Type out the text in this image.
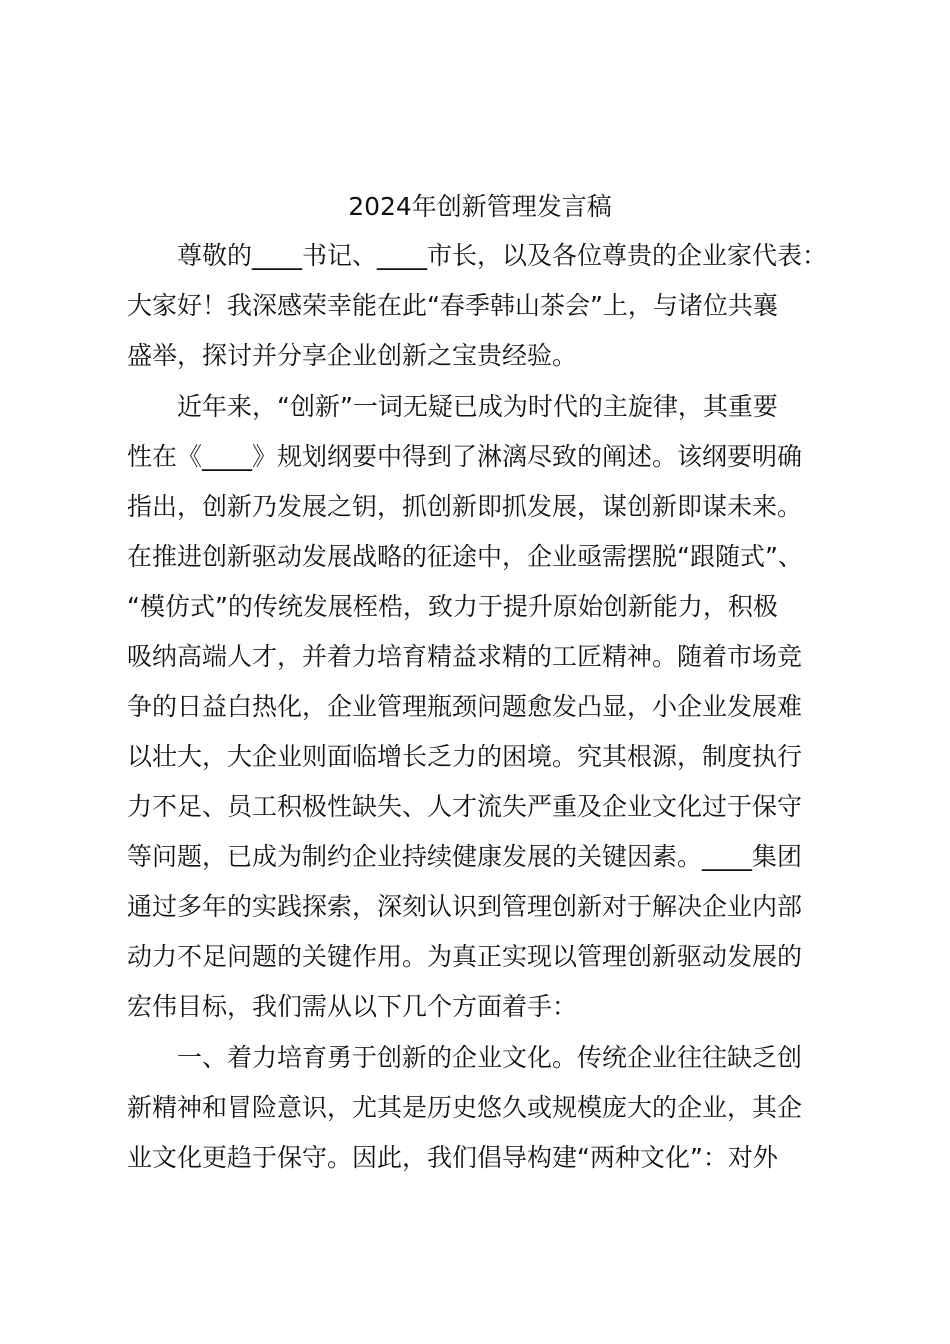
2024年创新管理发言稿
尊敬的____书记、____市长，以及各位尊贵的企业家代表：
大家好！我深感荣幸能在此“春季韩山茶会”上，与诸位共襄
盛举，探讨并分享企业创新之宝贵经验。
近年来，“创新”一词无疑已成为时代的主旋律，其重要
性在《____》规划纲要中得到了淋漓尽致的阐述。该纲要明确
指出，创新乃发展之钥，抓创新即抓发展，谋创新即谋未来。
在推进创新驱动发展战略的征途中，企业亟需摆脱“跟随式”、
“模仿式”的传统发展桎梏，致力于提升原始创新能力，积极
吸纳高端人才，并着力培育精益求精的工匠精神。随着市场竞
争的日益白热化，企业管理瓶颈问题愈发凸显，小企业发展难
以壮大，大企业则面临增长乏力的困境。究其根源，制度执行
力不足、员工积极性缺失、人才流失严重及企业文化过于保守
等问题，已成为制约企业持续健康发展的关键因素。____集团
通过多年的实践探索，深刻认识到管理创新对于解决企业内部
动力不足问题的关键作用。为真正实现以管理创新驱动发展的
宏伟目标，我们需从以下几个方面着手：
一、着力培育勇于创新的企业文化。传统企业往往缺乏创
新精神和冒险意识，尤其是历史悠久或规模庞大的企业，其企
业文化更趋于保守。因此，我们倡导构建“两种文化”：对外
